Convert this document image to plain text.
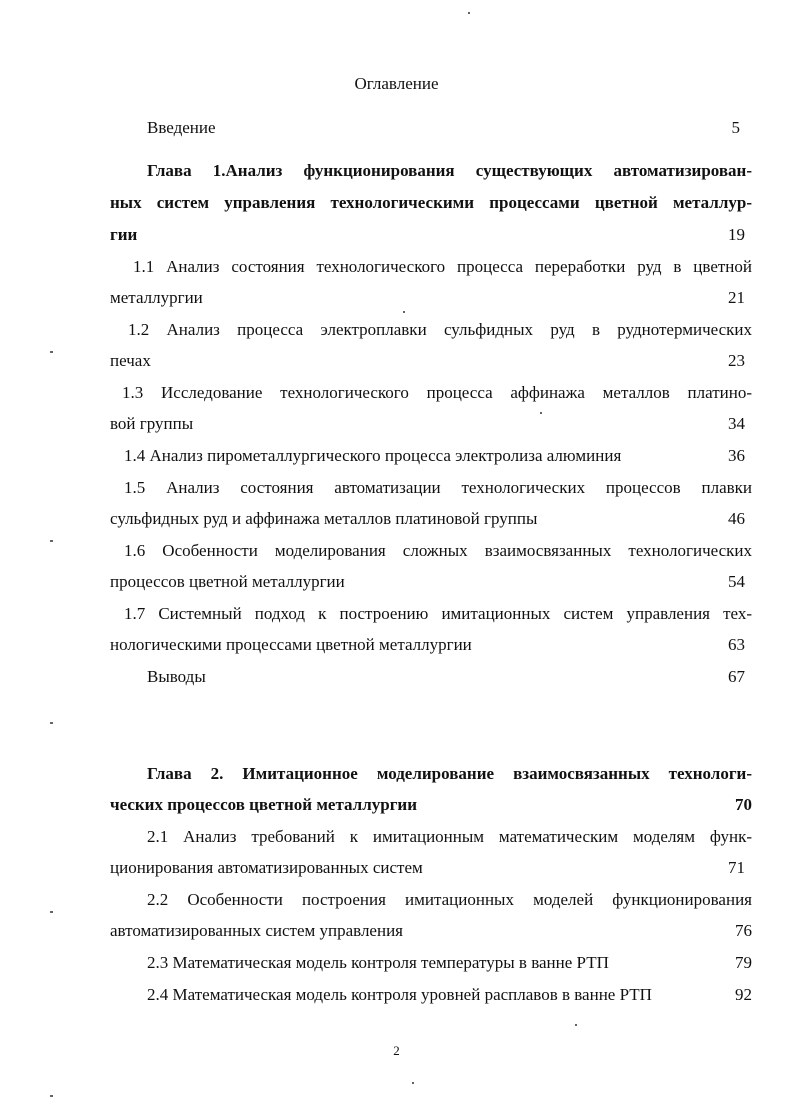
Оглавление
Введение	5
Глава 1.Анализ функционирования существующих автоматизирован-
ных систем управления технологическими процессами цветной металлур-
гии	19
1.1 Анализ состояния технологического процесса переработки руд в цветной
металлургии	21
1.2 Анализ процесса электроплавки сульфидных руд в руднотермических
печах	23
1.3 Исследование технологического процесса аффинажа металлов платино-
вой группы	34
1.4 Анализ пирометаллургического процесса электролиза алюминия	36
1.5 Анализ состояния автоматизации технологических процессов плавки
сульфидных руд и аффинажа металлов платиновой группы	46
1.6 Особенности моделирования сложных взаимосвязанных технологических
процессов цветной металлургии	54
1.7 Системный подход к построению имитационных систем управления тех-
нологическими процессами цветной металлургии	63
Выводы	67
Глава 2. Имитационное моделирование взаимосвязанных технологи-
ческих процессов цветной металлургии	70
2.1 Анализ требований к имитационным математическим моделям функ-
ционирования автоматизированных систем	71
2.2 Особенности построения имитационных моделей функционирования
автоматизированных систем управления	76
2.3 Математическая модель контроля температуры в ванне РТП	79
2.4 Математическая модель контроля уровней расплавов в ванне РТП	92
2
